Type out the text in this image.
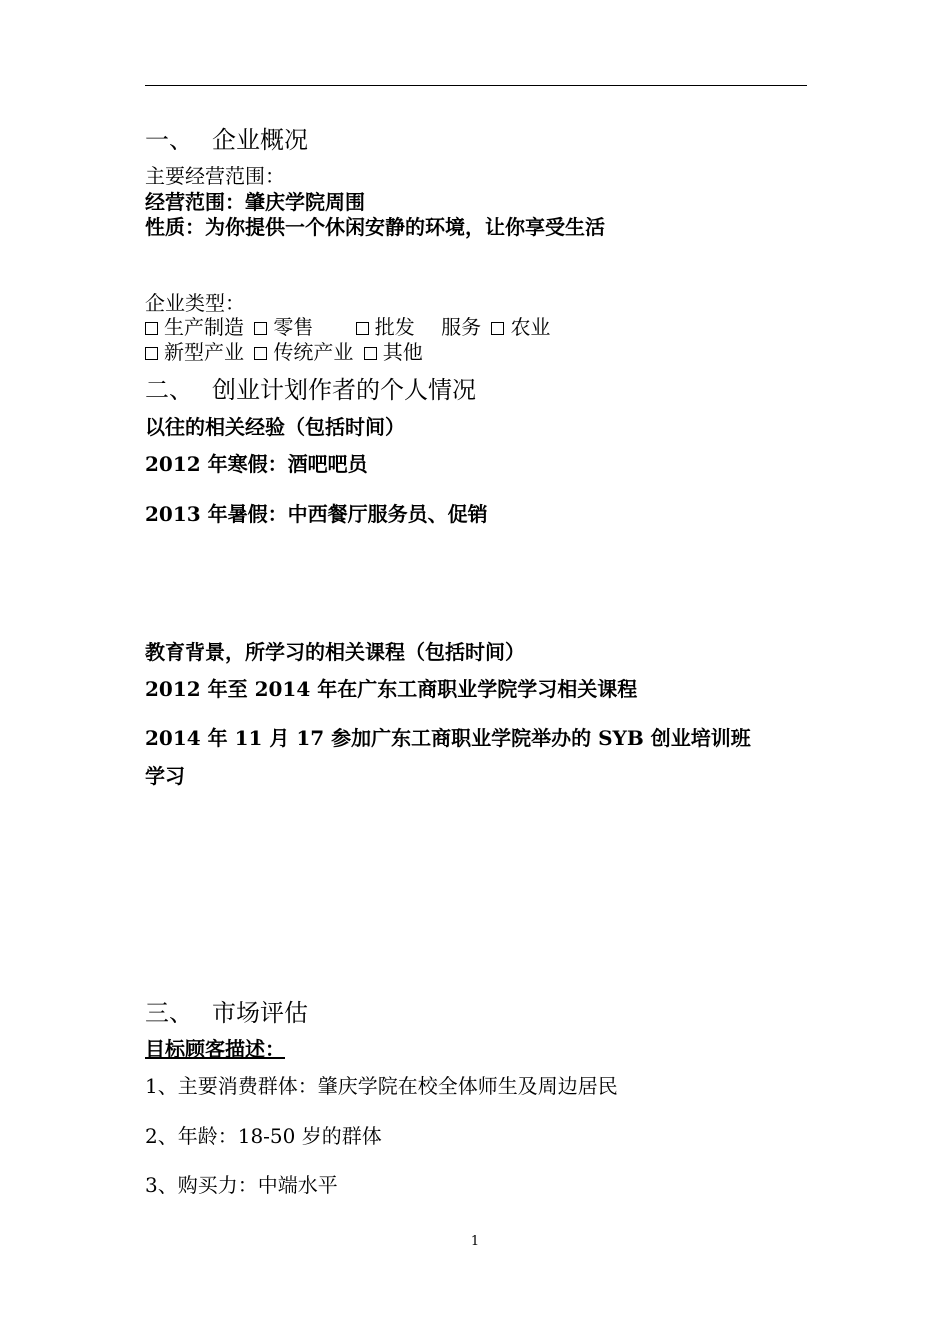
一、 企业概况
主要经营范围：
经营范围：肇庆学院周围
性质：为你提供一个休闲安静的环境，让你享受生活
企业类型：
生产制造 零售	批发 服务 农业
新型产业 传统产业 其他
二、 创业计划作者的个人情况
以往的相关经验（包括时间）
2012 年寒假：酒吧吧员
2013 年暑假：中西餐厅服务员、促销
教育背景，所学习的相关课程（包括时间）
2012 年至 2014 年在广东工商职业学院学习相关课程
2014 年 11 月 17 参加广东工商职业学院举办的 SYB 创业培训班
学习
三、 市场评估
目标顾客描述：
1、主要消费群体：肇庆学院在校全体师生及周边居民
2、年龄：18-50 岁的群体
3、购买力：中端水平
1
